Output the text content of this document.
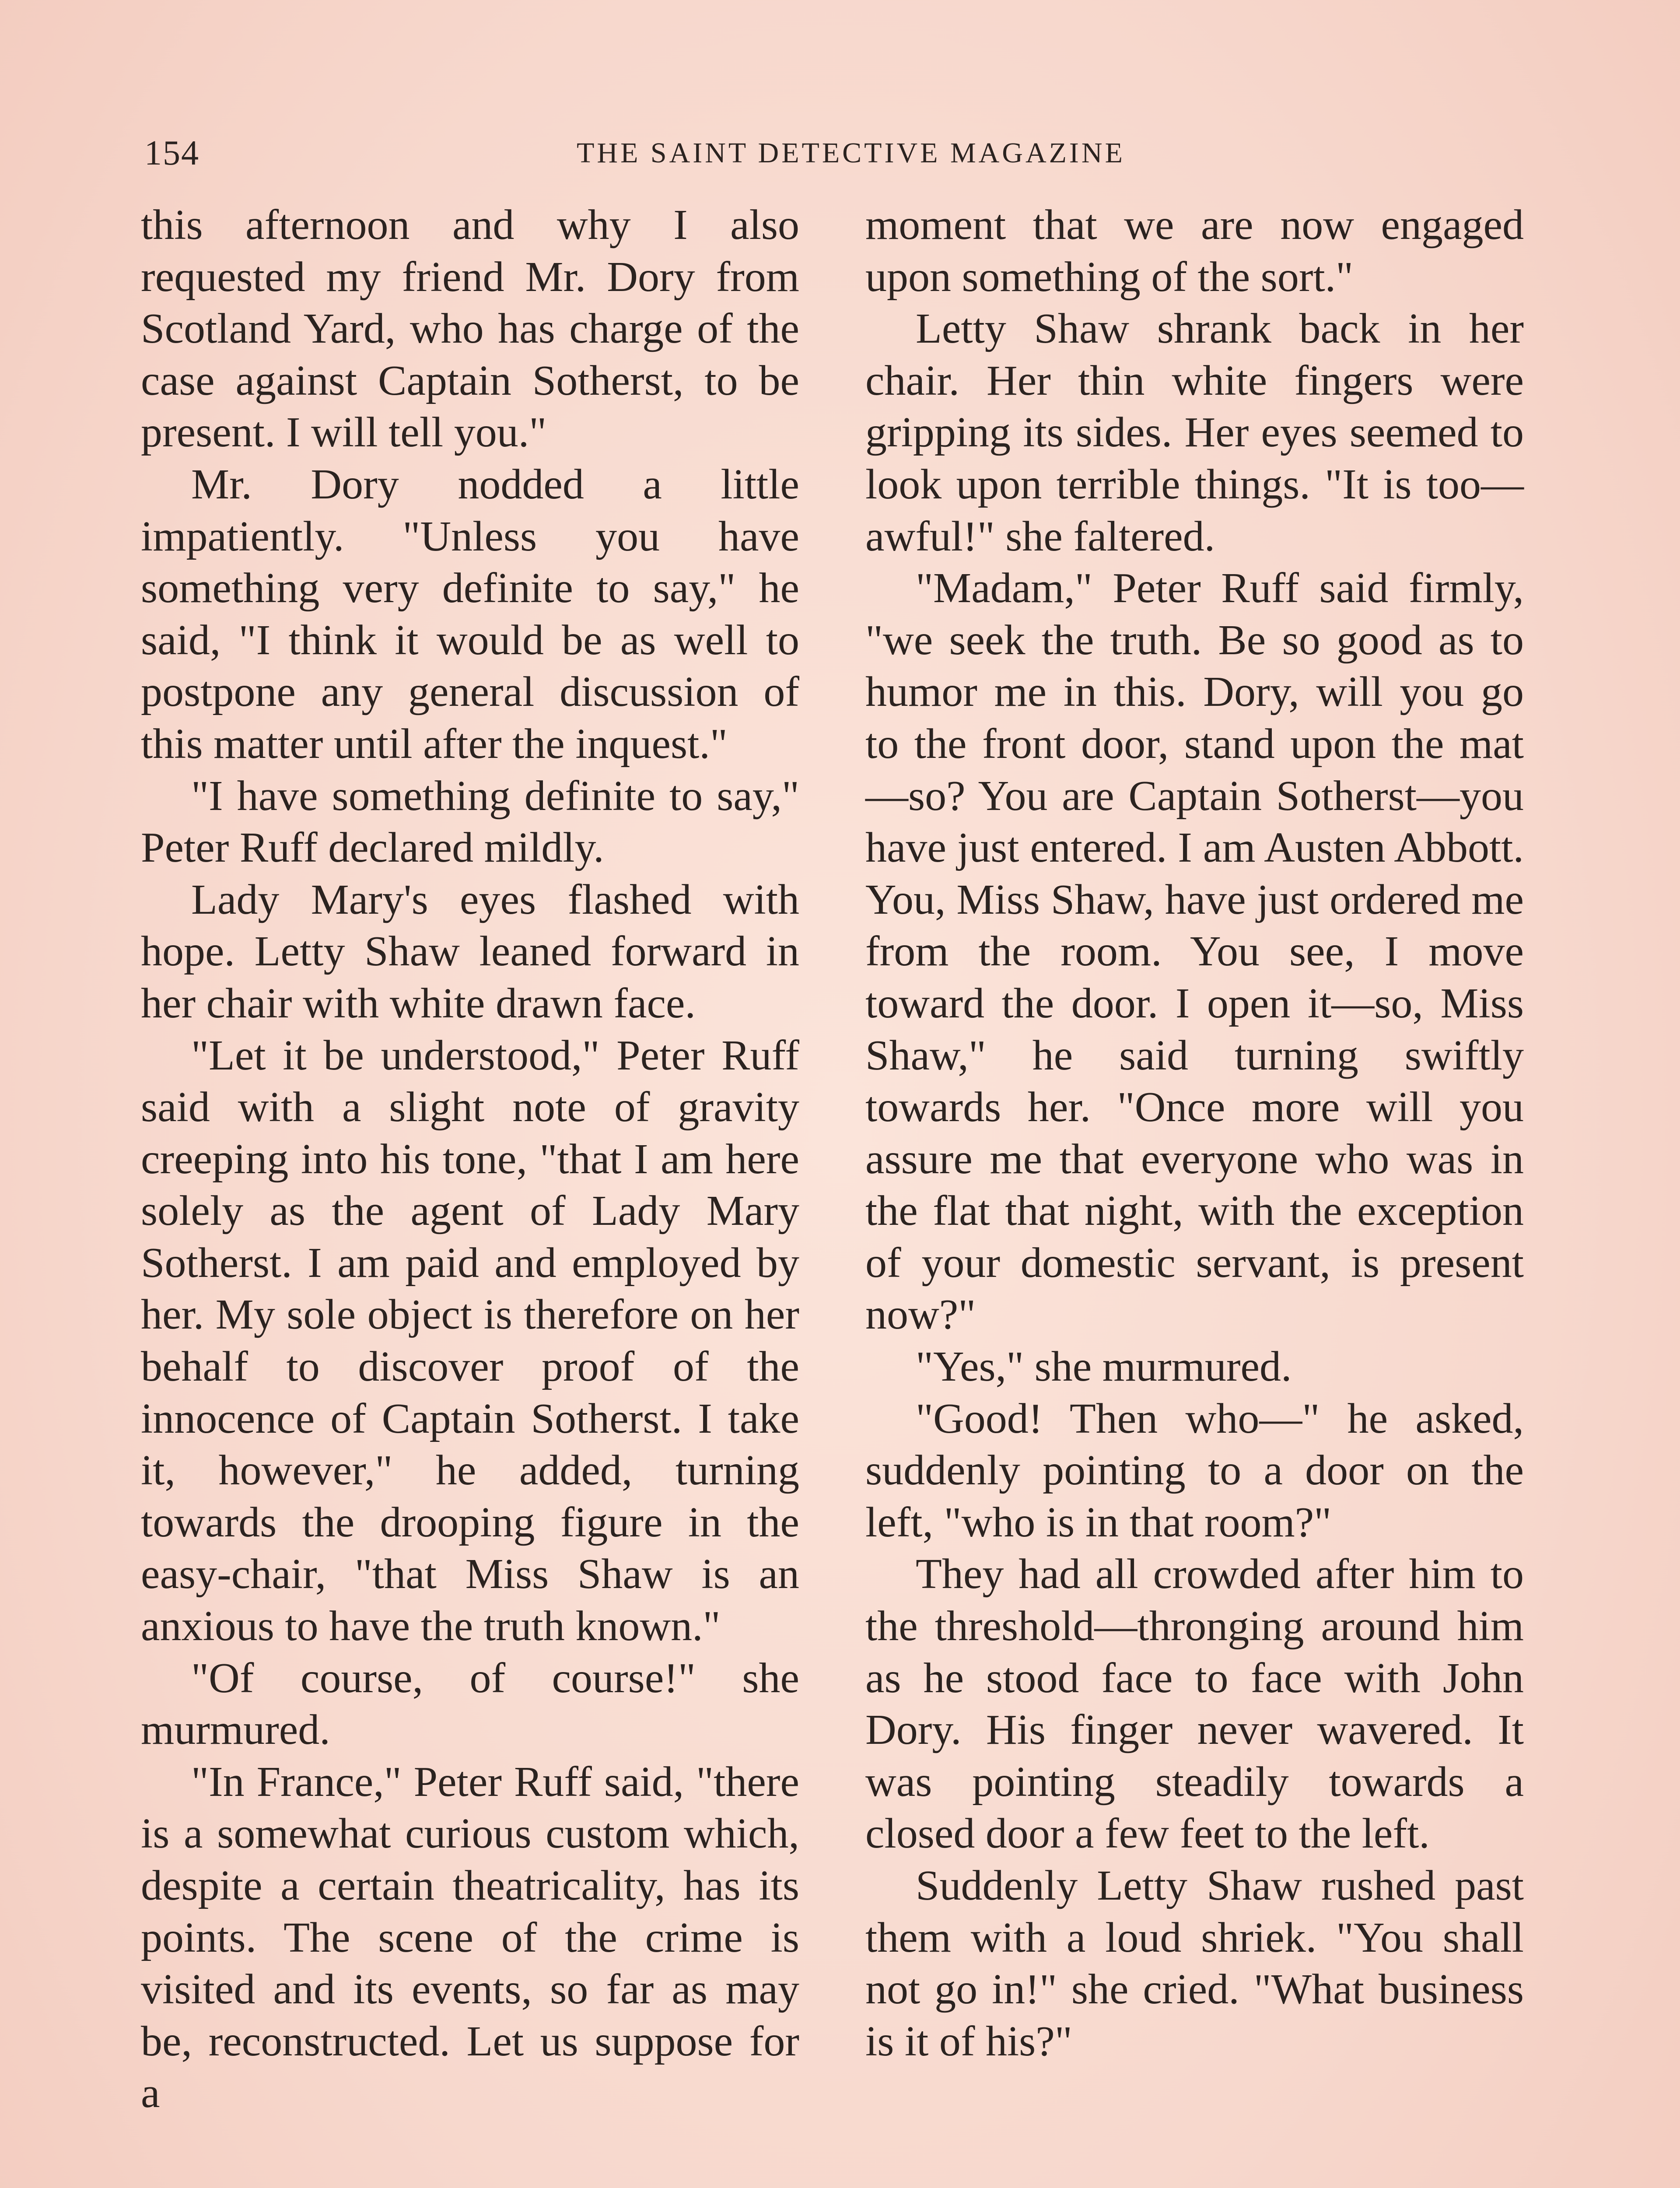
154	THE SAINT DETECTIVE MAGAZINE

this afternoon and why I also requested my friend Mr. Dory from Scotland Yard, who has charge of the case against Captain Sotherst, to be present. I will tell you."

Mr. Dory nodded a little impatiently. "Unless you have something very definite to say," he said, "I think it would be as well to postpone any general discussion of this matter until after the inquest."

"I have something definite to say," Peter Ruff declared mildly.

Lady Mary's eyes flashed with hope. Letty Shaw leaned forward in her chair with white drawn face.

"Let it be understood," Peter Ruff said with a slight note of gravity creeping into his tone, "that I am here solely as the agent of Lady Mary Sotherst. I am paid and employed by her. My sole object is therefore on her behalf to discover proof of the innocence of Captain Sotherst. I take it, however," he added, turning towards the drooping figure in the easy-chair, "that Miss Shaw is an anxious to have the truth known."

"Of course, of course!" she murmured.

"In France," Peter Ruff said, "there is a somewhat curious custom which, despite a certain theatricality, has its points. The scene of the crime is visited and its events, so far as may be, reconstructed. Let us suppose for a

moment that we are now engaged upon something of the sort."

Letty Shaw shrank back in her chair. Her thin white fingers were gripping its sides. Her eyes seemed to look upon terrible things. "It is too—awful!" she faltered.

"Madam," Peter Ruff said firmly, "we seek the truth. Be so good as to humor me in this. Dory, will you go to the front door, stand upon the mat—so? You are Captain Sotherst—you have just entered. I am Austen Abbott. You, Miss Shaw, have just ordered me from the room. You see, I move toward the door. I open it—so, Miss Shaw," he said turning swiftly towards her. "Once more will you assure me that everyone who was in the flat that night, with the exception of your domestic servant, is present now?"

"Yes," she murmured.

"Good! Then who—" he asked, suddenly pointing to a door on the left, "who is in that room?"

They had all crowded after him to the threshold—thronging around him as he stood face to face with John Dory. His finger never wavered. It was pointing steadily towards a closed door a few feet to the left.

Suddenly Letty Shaw rushed past them with a loud shriek. "You shall not go in!" she cried. "What business is it of his?"
